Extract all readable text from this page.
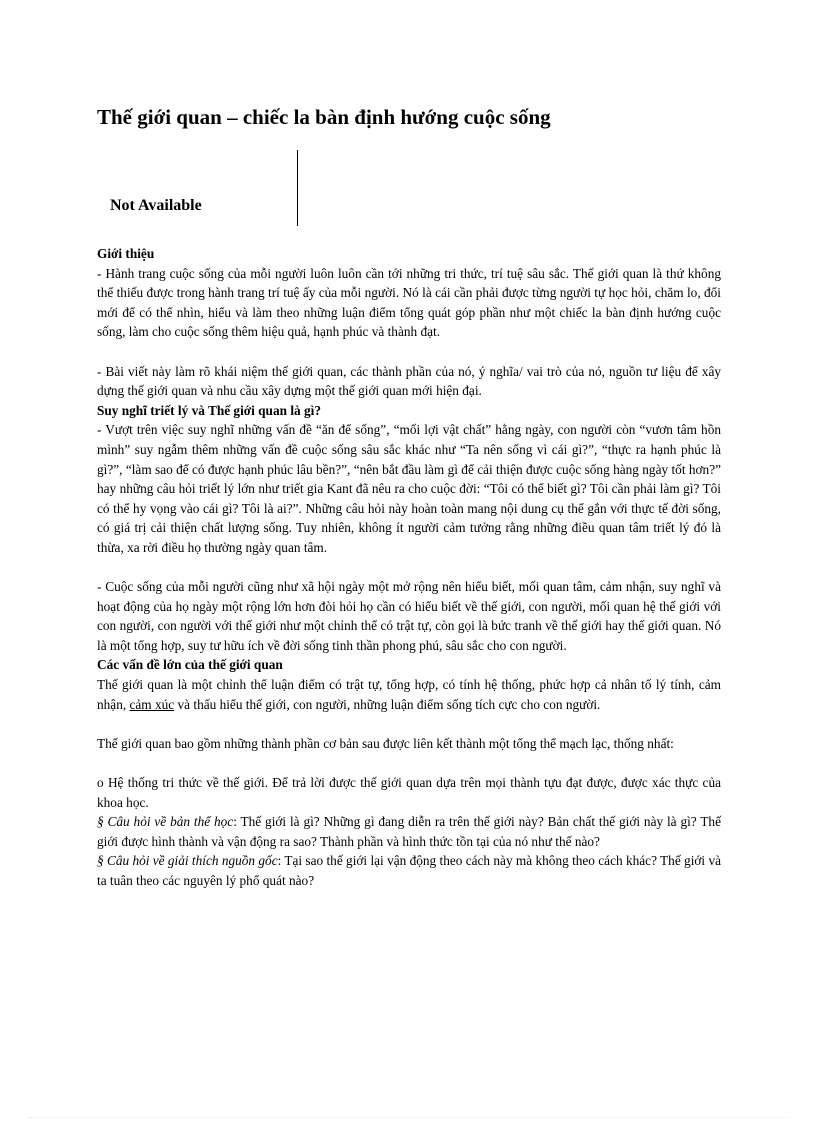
Thế giới quan – chiếc la bàn định hướng cuộc sống

Not Available

Giới thiệu

- Hành trang cuộc sống của mỗi người luôn luôn cần tới những tri thức, trí tuệ sâu sắc. Thế giới quan là thứ không thể thiếu được trong hành trang trí tuệ ấy của mỗi người. Nó là cái cần phải được từng người tự học hỏi, chăm lo, đổi mới để có thể nhìn, hiểu và làm theo những luận điểm tổng quát góp phần như một chiếc la bàn định hướng cuộc sống, làm cho cuộc sống thêm hiệu quả, hạnh phúc và thành đạt.

- Bài viết này làm rõ khái niệm thế giới quan, các thành phần của nó, ý nghĩa/ vai trò của nó, nguồn tư liệu để xây dựng thế giới quan và nhu cầu xây dựng một thế giới quan mới hiện đại.

Suy nghĩ triết lý và Thế giới quan là gì?

- Vượt trên việc suy nghĩ những vấn đề “ăn để sống”, “mối lợi vật chất” hằng ngày, con người còn “vươn tâm hồn mình” suy ngẫm thêm những vấn đề cuộc sống sâu sắc khác như “Ta nên sống vì cái gì?”, “thực ra hạnh phúc là gì?”, “làm sao để có được hạnh phúc lâu bền?”, “nên bắt đầu làm gì để cải thiện được cuộc sống hàng ngày tốt hơn?” hay những câu hỏi triết lý lớn như triết gia Kant đã nêu ra cho cuộc đời: “Tôi có thể biết gì? Tôi cần phải làm gì? Tôi có thể hy vọng vào cái gì? Tôi là ai?”. Những câu hỏi này hoàn toàn mang nội dung cụ thể gắn với thực tế đời sống, có giá trị cải thiện chất lượng sống. Tuy nhiên, không ít người cảm tưởng rằng những điều quan tâm triết lý đó là thừa, xa rời điều họ thường ngày quan tâm.

- Cuộc sống của mỗi người cũng như xã hội ngày một mở rộng nên hiểu biết, mối quan tâm, cảm nhận, suy nghĩ và hoạt động của họ ngày một rộng lớn hơn đòi hỏi họ cần có hiểu biết về thế giới, con người, mối quan hệ thế giới với con người, con người với thế giới như một chỉnh thể có trật tự, còn gọi là bức tranh về thế giới hay thế giới quan. Nó là một tổng hợp, suy tư hữu ích về đời sống tinh thần phong phú, sâu sắc cho con người.

Các vấn đề lớn của thế giới quan

Thế giới quan là một chỉnh thể luận điểm có trật tự, tổng hợp, có tính hệ thống, phức hợp cả nhân tố lý tính, cảm nhận, cảm xúc và thấu hiểu thế giới, con người, những luận điểm sống tích cực cho con người.

Thế giới quan bao gồm những thành phần cơ bản sau được liên kết thành một tổng thể mạch lạc, thống nhất:

o Hệ thống tri thức về thế giới. Để trả lời được thế giới quan dựa trên mọi thành tựu đạt được, được xác thực của khoa học.

§ Câu hỏi về bản thể học: Thế giới là gì? Những gì đang diễn ra trên thế giới này? Bản chất thế giới này là gì? Thế giới được hình thành và vận động ra sao? Thành phần và hình thức tồn tại của nó như thế nào?

§ Câu hỏi về giải thích nguồn gốc: Tại sao thế giới lại vận động theo cách này mà không theo cách khác? Thế giới và ta tuân theo các nguyên lý phổ quát nào?
